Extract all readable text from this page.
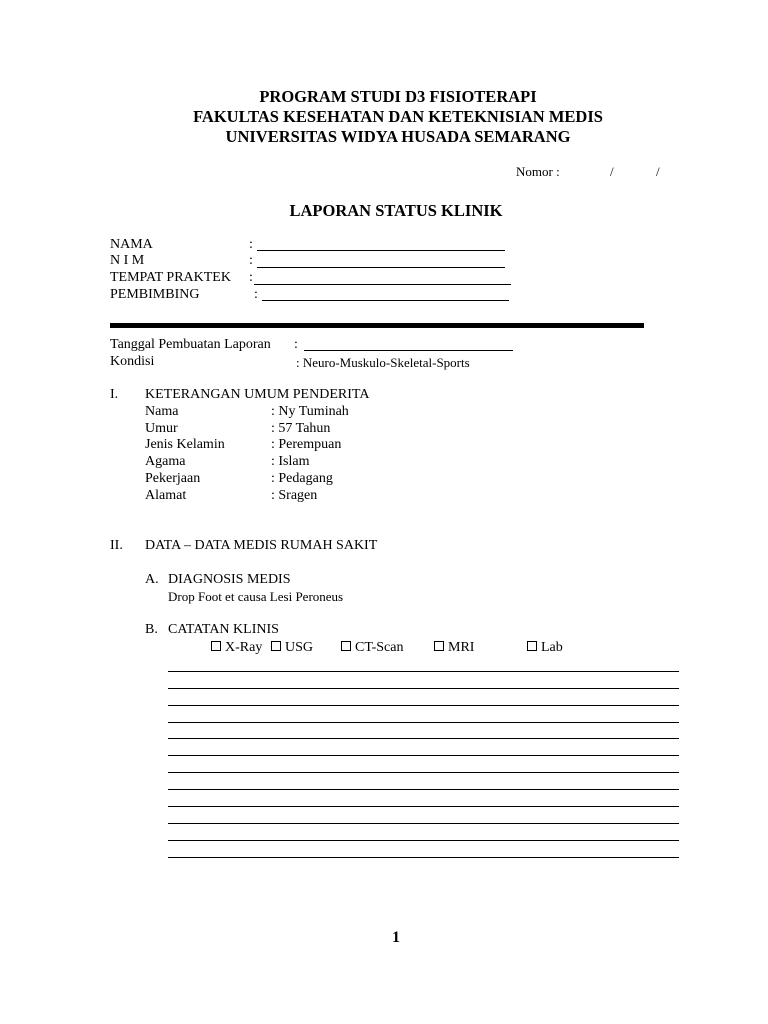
PROGRAM STUDI D3 FISIOTERAPI
FAKULTAS KESEHATAN DAN KETEKNISIAN MEDIS
UNIVERSITAS WIDYA HUSADA SEMARANG
Nomor :	/	/
LAPORAN STATUS KLINIK
NAMA	:
N I M	:
TEMPAT PRAKTEK :
PEMBIMBING	:
Tanggal Pembuatan Laporan :
Kondisi	: Neuro-Muskulo-Skeletal-Sports
I. KETERANGAN UMUM PENDERITA
Nama	: Ny Tuminah
Umur	: 57 Tahun
Jenis Kelamin	: Perempuan
Agama	: Islam
Pekerjaan	: Pedagang
Alamat	: Sragen
II. DATA – DATA MEDIS RUMAH SAKIT
A. DIAGNOSIS MEDIS
Drop Foot et causa Lesi Peroneus
B. CATATAN KLINIS
X-Ray	USG	CT-Scan	MRI	Lab
1
